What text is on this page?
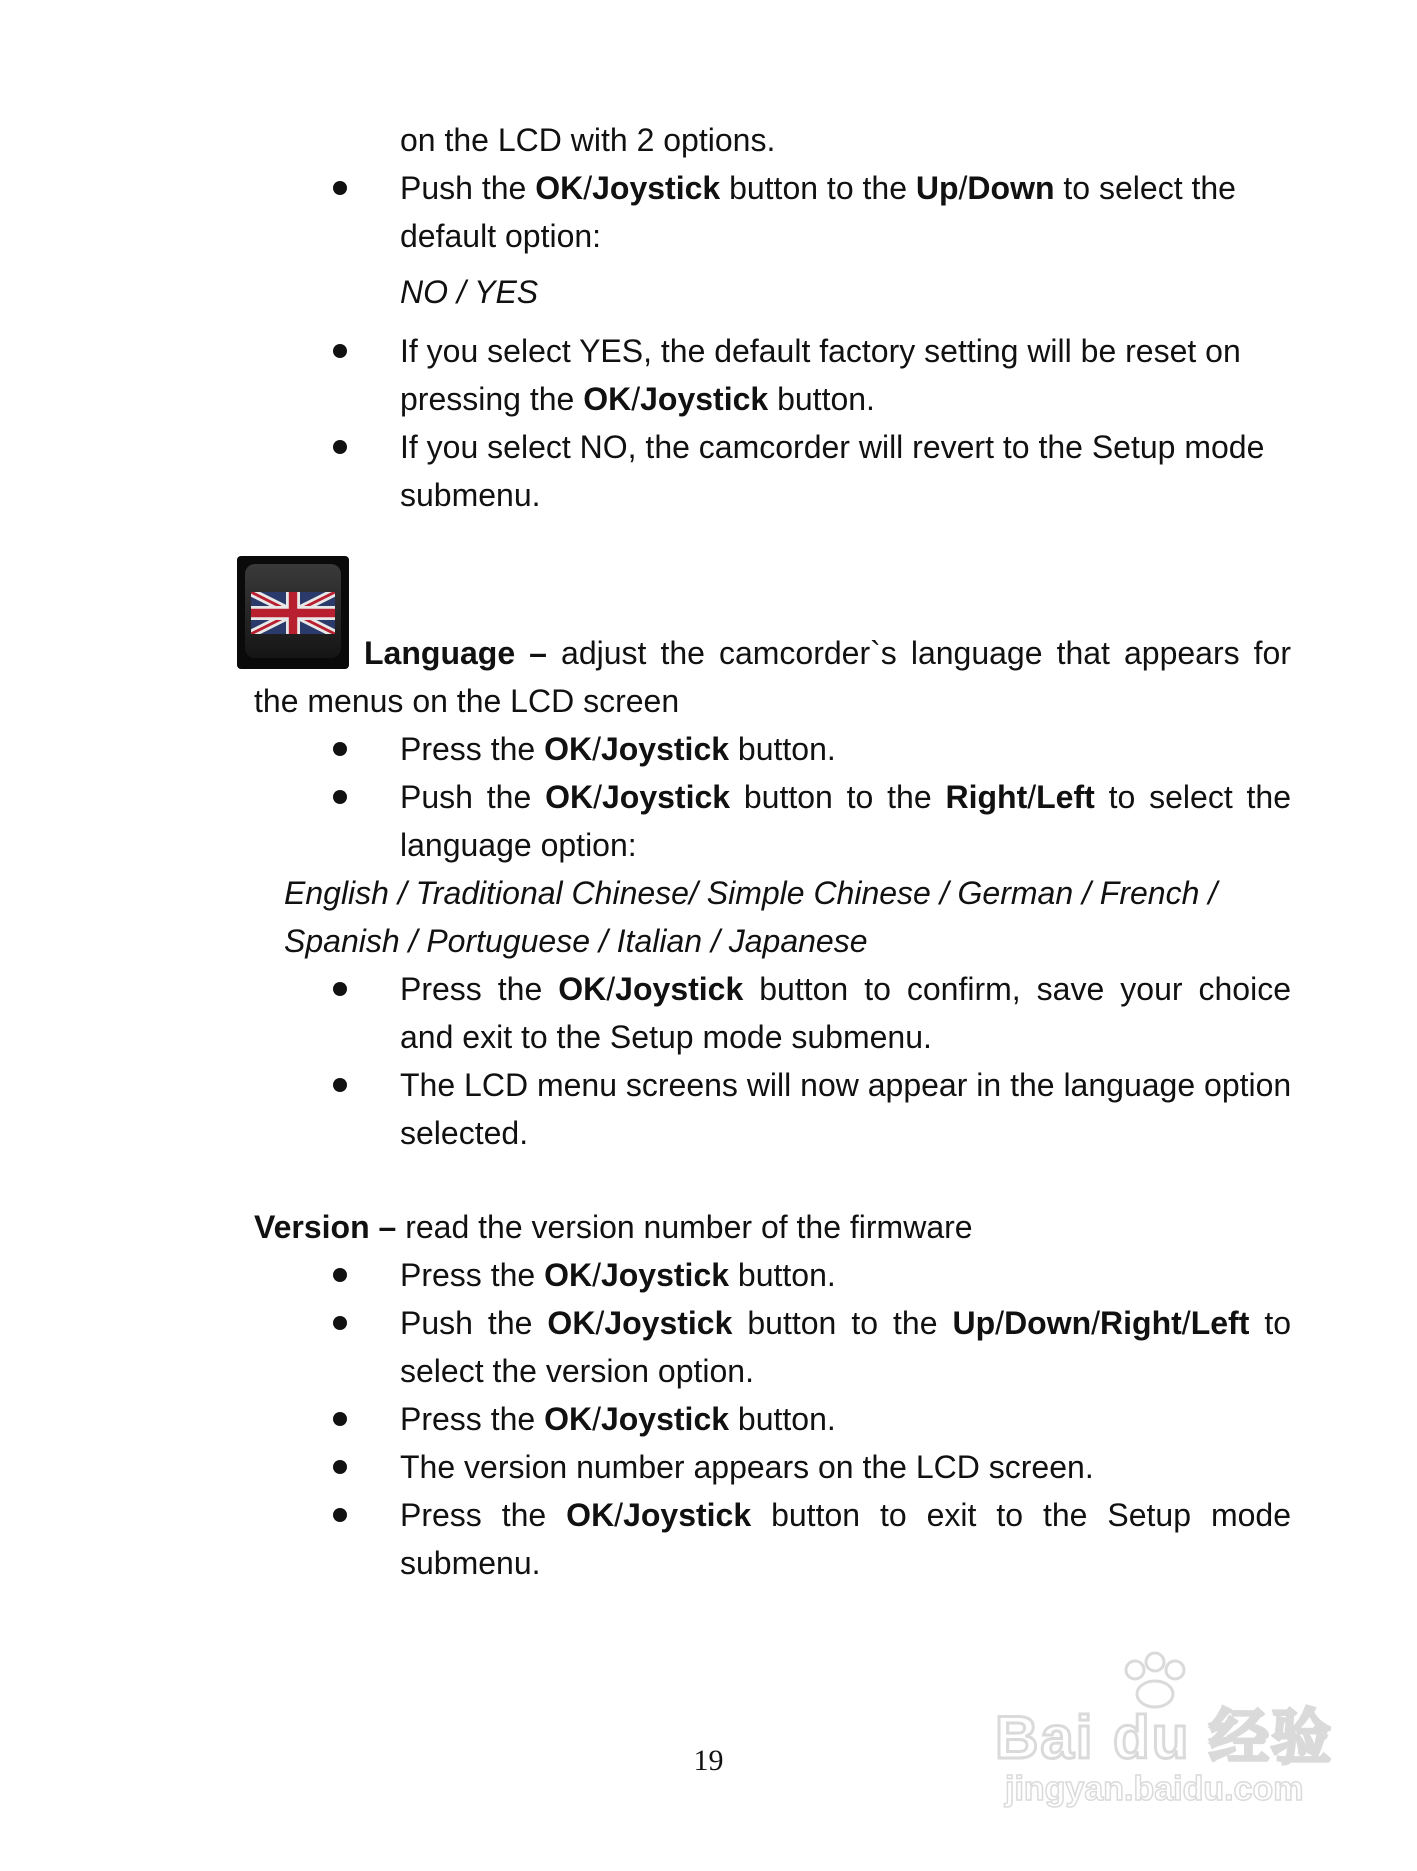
on the LCD with 2 options.
Push the OK/Joystick button to the Up/Down to select the
default option:
NO / YES
If you select YES, the default factory setting will be reset on
pressing the OK/Joystick button.
If you select NO, the camcorder will revert to the Setup mode
submenu.
Language – adjust the camcorder`s language that appears for
the menus on the LCD screen
Press the OK/Joystick button.
Push the OK/Joystick button to the Right/Left to select the
language option:
English / Traditional Chinese/ Simple Chinese / German / French /
Spanish / Portuguese / Italian / Japanese
Press the OK/Joystick button to confirm, save your choice
and exit to the Setup mode submenu.
The LCD menu screens will now appear in the language option
selected.
Version – read the version number of the firmware
Press the OK/Joystick button.
Push the OK/Joystick button to the Up/Down/Right/Left to
select the version option.
Press the OK/Joystick button.
The version number appears on the LCD screen.
Press the OK/Joystick button to exit to the Setup mode
submenu.
19	Bai du 经验
jingyan.baidu.com
